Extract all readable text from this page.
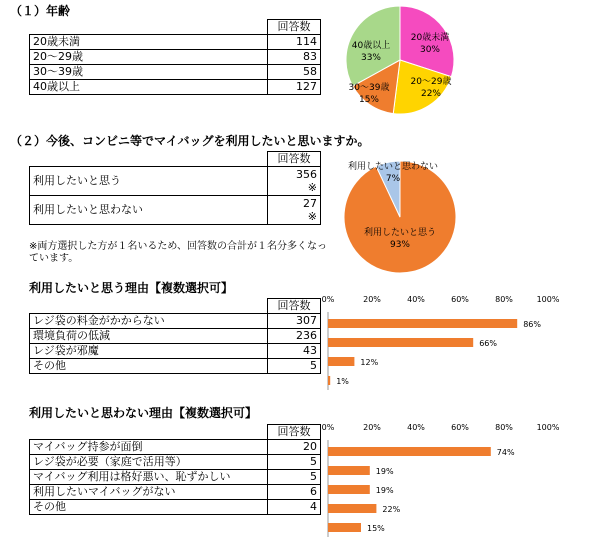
（１）年齢
	回答数
20歳未満	114
20～29歳	83
30～39歳	58
40歳以上	127
20歳未満
30%
20～29歳
22%
30～39歳
15%
40歳以上
33%
（２）今後、コンビニ等でマイバッグを利用したいと思いますか。
	回答数
利用したいと思う	356
※

利用したいと思わない	27
※
※両方選択した方が１名いるため、回答数の合計が１名分多くなっています。
利用したいと思う
93%
利用したいと思わない
7%
利用したいと思う理由【複数選択可】
	回答数
レジ袋の料金がかからない	307
環境負荷の低減	236
レジ袋が邪魔	43
その他	5
0%	20%	40%	60%	80%	100%
86%
66%
12%
1%
利用したいと思わない理由【複数選択可】
	回答数
マイバッグ持参が面倒	20
レジ袋が必要（家庭で活用等）	5
マイバッグ利用は格好悪い、恥ずかしい	5
利用したいマイバッグがない	6
その他	4
0%	20%	40%	60%	80%	100%
74%
19%
19%
22%
15%
